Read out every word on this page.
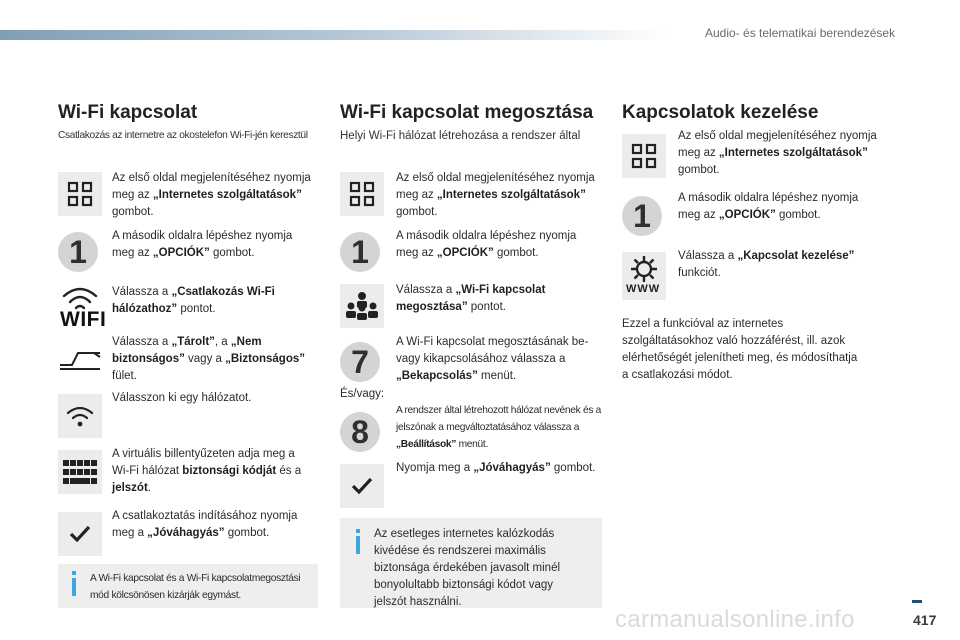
Audio- és telematikai berendezések
Wi-Fi kapcsolat
Csatlakozás az internetre az okostelefon Wi-Fi-jén keresztül
Az első oldal megjelenítéséhez nyomja meg az „Internetes szolgáltatások” gombot.
1	A második oldalra lépéshez nyomja meg az „OPCIÓK” gombot.
WIFI
Válassza a „Csatlakozás Wi-Fi hálózathoz” pontot.
Válassza a „Tárolt”, a „Nem biztonságos” vagy a „Biztonságos” fület.
Válasszon ki egy hálózatot.
A virtuális billentyűzeten adja meg a Wi-Fi hálózat biztonsági kódját és a jelszót.
A csatlakoztatás indításához nyomja meg a „Jóváhagyás” gombot.
A Wi-Fi kapcsolat és a Wi-Fi kapcsolatmegosztási mód kölcsönösen kizárják egymást.
Wi-Fi kapcsolat megosztása
Helyi Wi-Fi hálózat létrehozása a rendszer által
Az első oldal megjelenítéséhez nyomja meg az „Internetes szolgáltatások” gombot.
1	A második oldalra lépéshez nyomja meg az „OPCIÓK” gombot.
Válassza a „Wi-Fi kapcsolat megosztása” pontot.
7
A Wi-Fi kapcsolat megosztásának be- vagy kikapcsolásához válassza a „Bekapcsolás” menüt.
És/vagy:
8
A rendszer által létrehozott hálózat nevének és a jelszónak a megváltoztatásához válassza a „Beállítások” menüt.
Nyomja meg a „Jóváhagyás” gombot.
Az esetleges internetes kalózkodás kivédése és rendszerei maximális biztonsága érdekében javasolt minél bonyolultabb biztonsági kódot vagy jelszót használni.
Kapcsolatok kezelése
Az első oldal megjelenítéséhez nyomja meg az „Internetes szolgáltatások” gombot.
1	A második oldalra lépéshez nyomja meg az „OPCIÓK” gombot.
WWW
Válassza a „Kapcsolat kezelése” funkciót.
Ezzel a funkcióval az internetes szolgáltatásokhoz való hozzáférést, ill. azok elérhetőségét jelenítheti meg, és módosíthatja a csatlakozási módot.
carmanualsonline.info	417
